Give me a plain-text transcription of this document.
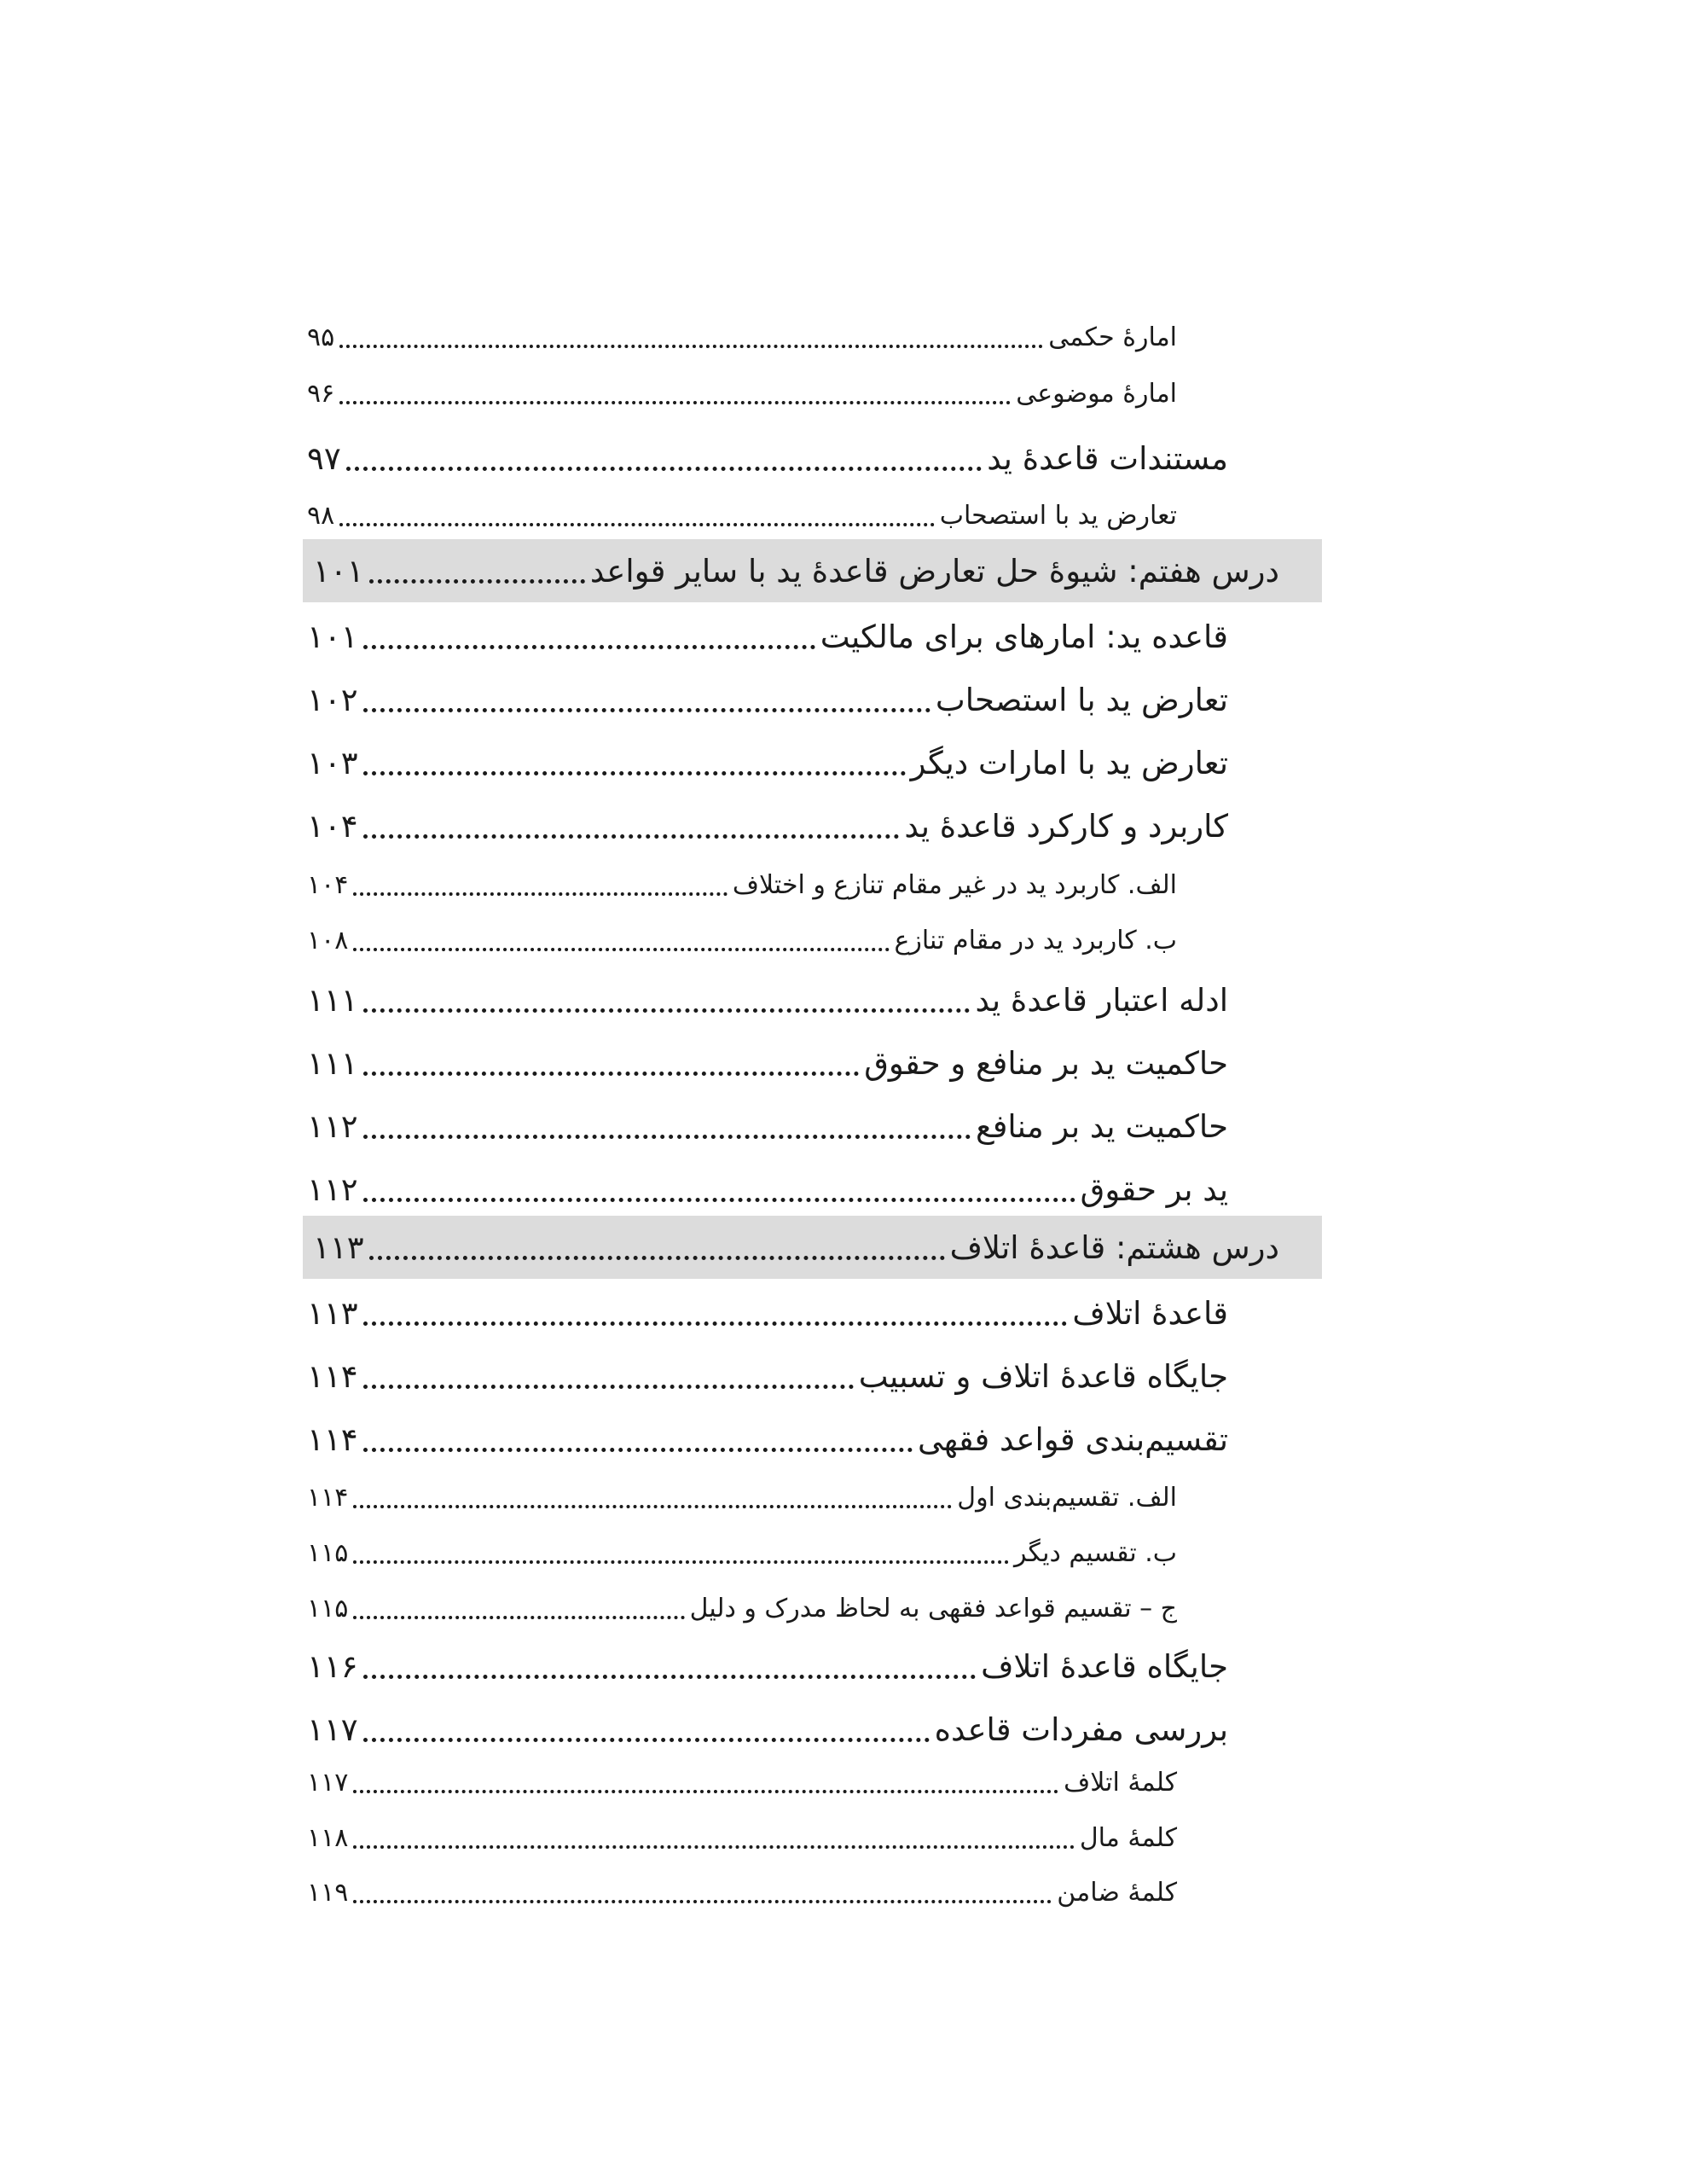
۹۵	امارۀ حکمی
۹۶	امارۀ موضوعی
۹۷	مستندات قاعدۀ ید
۹۸	تعارض ید با استصحاب
۱۰۱	درس هفتم: شیوۀ حل تعارض قاعدۀ ید با سایر قواعد
۱۰۱	قاعده ید: امارهای برای مالکیت
۱۰۲	تعارض ید با استصحاب
۱۰۳	تعارض ید با امارات دیگر
۱۰۴	کاربرد و کارکرد قاعدۀ ید
۱۰۴	الف. کاربرد ید در غیر مقام تنازع و اختلاف
۱۰۸	ب. کاربرد ید در مقام تنازع
۱۱۱	ادله اعتبار قاعدۀ ید
۱۱۱	حاکمیت ید بر منافع و حقوق
۱۱۲	حاکمیت ید بر منافع
۱۱۲	ید بر حقوق
۱۱۳	درس هشتم: قاعدۀ اتلاف
۱۱۳	قاعدۀ اتلاف
۱۱۴	جایگاه قاعدۀ اتلاف و تسبیب
۱۱۴	تقسیم‌بندی قواعد فقهی
۱۱۴	الف. تقسیم‌بندی اول
۱۱۵	ب. تقسیم دیگر
۱۱۵	ج – تقسیم قواعد فقهی به لحاظ مدرک و دلیل
۱۱۶	جایگاه قاعدۀ اتلاف
۱۱۷	بررسی مفردات قاعده
۱۱۷	کلمۀ اتلاف
۱۱۸	کلمۀ مال
۱۱۹	کلمۀ ضامن
